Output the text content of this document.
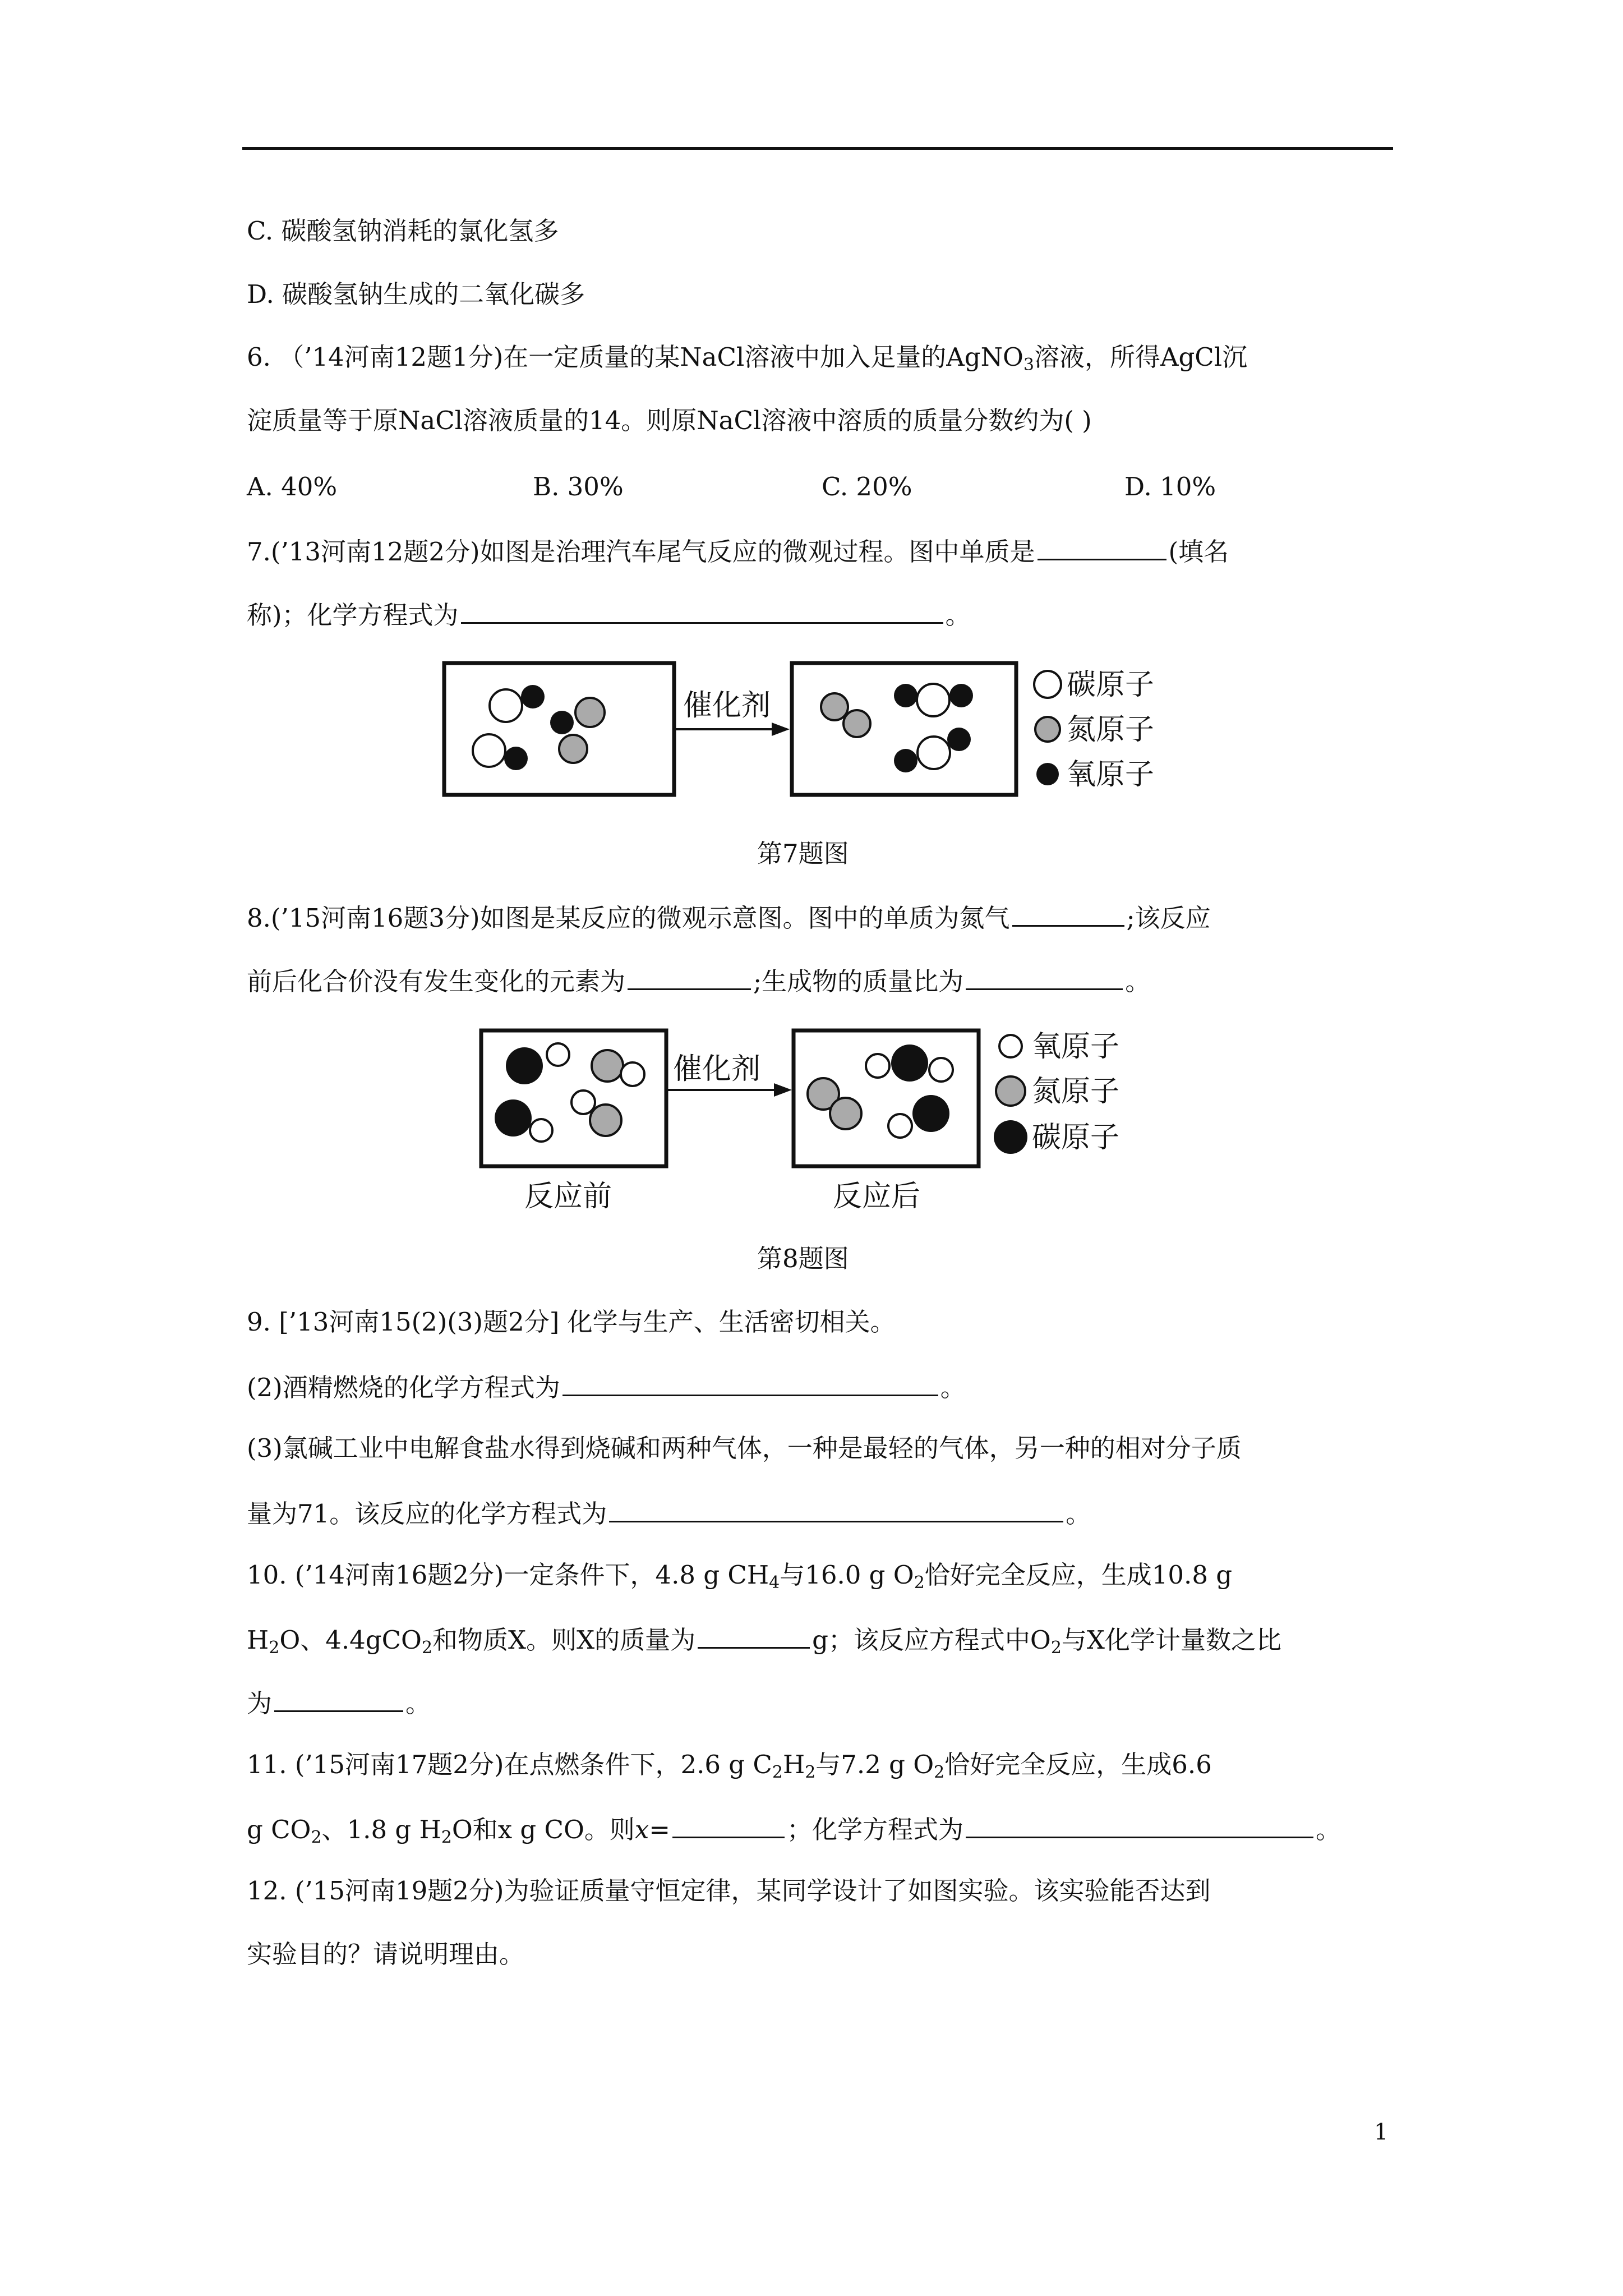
C. 碳酸氢钠消耗的氯化氢多
D. 碳酸氢钠生成的二氧化碳多
6. （’14河南12题1分)在一定质量的某NaCl溶液中加入足量的AgNO$_3$溶液，所得AgCl沉
淀质量等于原NaCl溶液质量的14。则原NaCl溶液中溶质的质量分数约为( )
A. 40%	B. 30%	C. 20%	D. 10%
7.(’13河南12题2分)如图是治理汽车尾气反应的微观过程。图中单质是	(填名
称)；化学方程式为	。
催化剂
碳原子
氮原子
氧原子
第7题图
8.(’15河南16题3分)如图是某反应的微观示意图。图中的单质为氮气	;该反应
前后化合价没有发生变化的元素为	;生成物的质量比为	。
催化剂
氧原子
氮原子
碳原子
反应前	反应后
第8题图
9. [’13河南15(2)(3)题2分] 化学与生产、生活密切相关。
(2)酒精燃烧的化学方程式为	。
(3)氯碱工业中电解食盐水得到烧碱和两种气体，一种是最轻的气体，另一种的相对分子质
量为71。该反应的化学方程式为	。
10. (’14河南16题2分)一定条件下，4.8 g $CH_4$与16.0 g $O_2$恰好完全反应，生成10.8 g
$H_2O$、4.4gCO$_2$和物质X。则X的质量为	g；该反应方程式中$O_2$与X化学计量数之比
为	。
11. (’15河南17题2分)在点燃条件下，2.6 g $C_2H_2$与7.2 g $O_2$恰好完全反应，生成6.6
g $CO_2$、1.8 g $H_2O$和x g CO。则x=	；化学方程式为	。
12. (’15河南19题2分)为验证质量守恒定律，某同学设计了如图实验。该实验能否达到
实验目的？请说明理由。
1
